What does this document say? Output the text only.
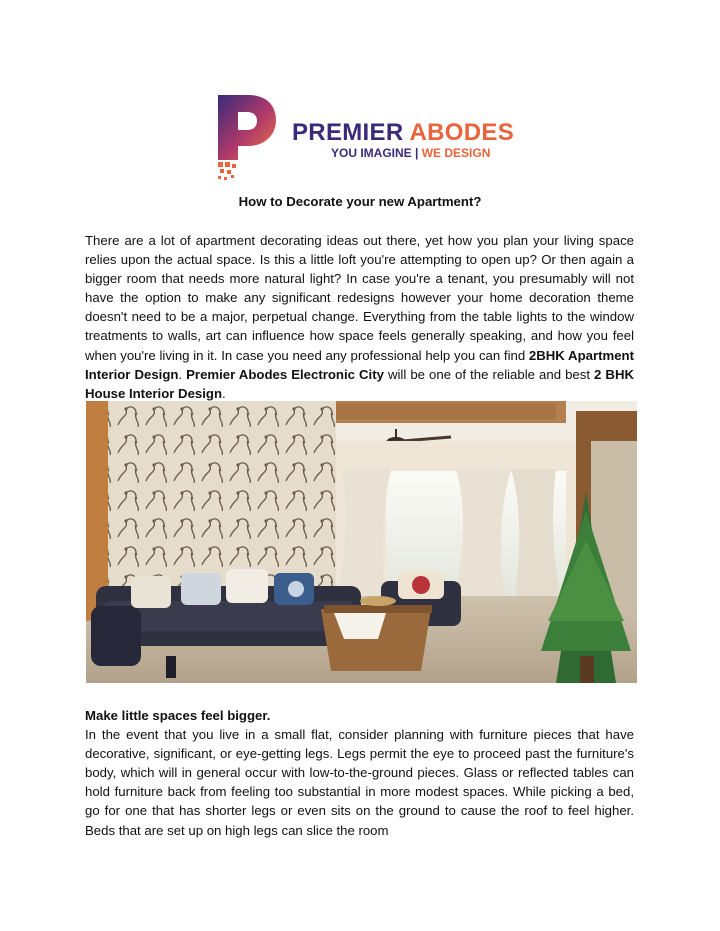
PREMIER ABODES
YOU IMAGINE | WE DESIGN
How to Decorate your new Apartment?

There are a lot of apartment decorating ideas out there, yet how you plan your living space relies upon the actual space. Is this a little loft you're attempting to open up? Or then again a bigger room that needs more natural light? In case you're a tenant, you presumably will not have the option to make any significant redesigns however your home decoration theme doesn't need to be a major, perpetual change. Everything from the table lights to the window treatments to walls, art can influence how space feels generally speaking, and how you feel when you're living in it. In case you need any professional help you can find 2BHK Apartment Interior Design. Premier Abodes Electronic City will be one of the reliable and best 2 BHK House Interior Design.

Make little spaces feel bigger.
In the event that you live in a small flat, consider planning with furniture pieces that have decorative, significant, or eye-getting legs. Legs permit the eye to proceed past the furniture's body, which will in general occur with low-to-the-ground pieces. Glass or reflected tables can hold furniture back from feeling too substantial in more modest spaces. While picking a bed, go for one that has shorter legs or even sits on the ground to cause the roof to feel higher. Beds that are set up on high legs can slice the room
